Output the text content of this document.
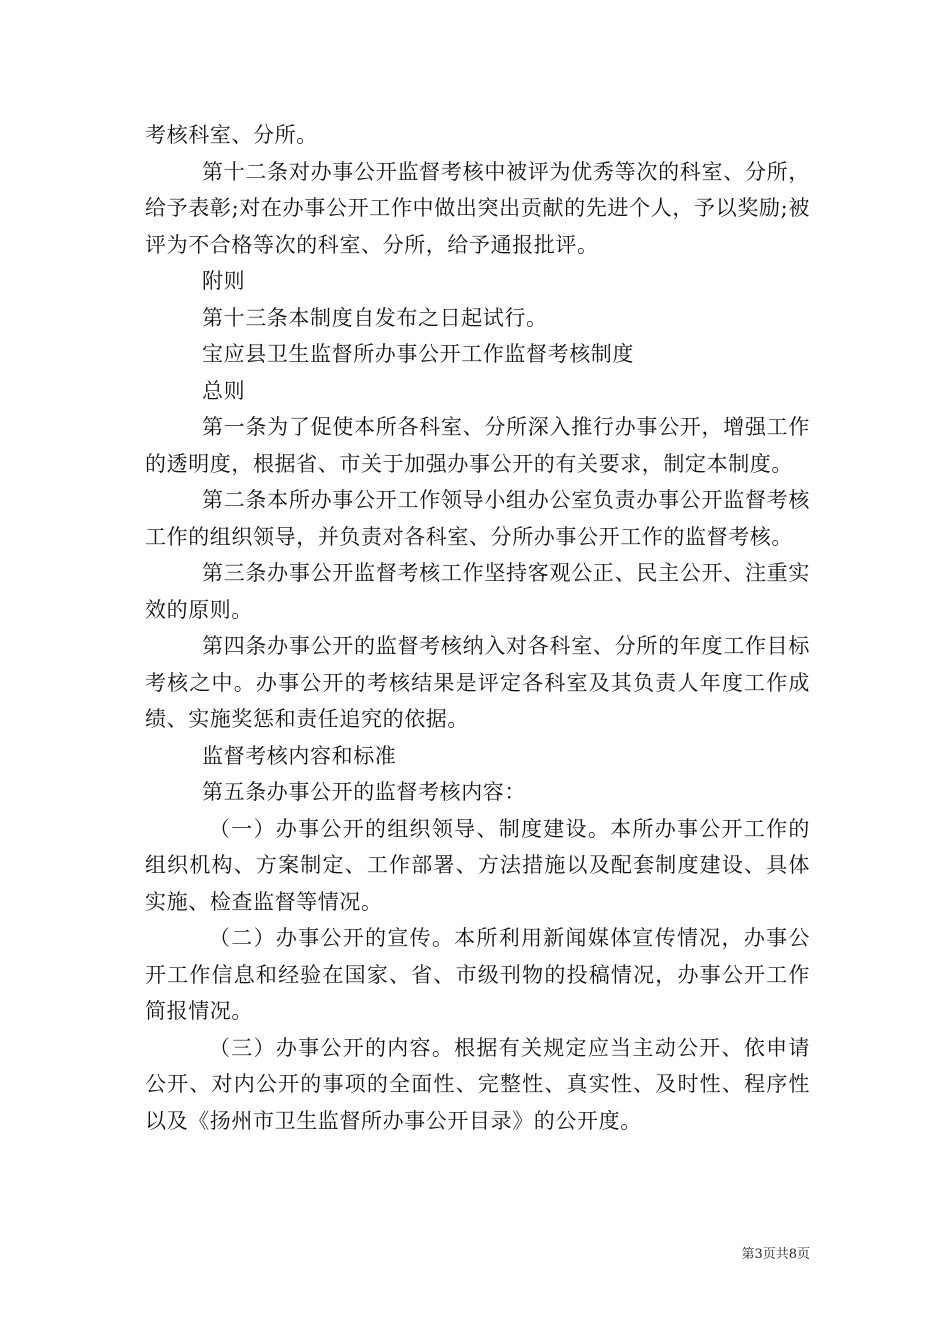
考核科室、分所。

第十二条对办事公开监督考核中被评为优秀等次的科室、分所，给予表彰;对在办事公开工作中做出突出贡献的先进个人，予以奖励;被评为不合格等次的科室、分所，给予通报批评。

附则

第十三条本制度自发布之日起试行。

宝应县卫生监督所办事公开工作监督考核制度

总则

第一条为了促使本所各科室、分所深入推行办事公开，增强工作的透明度，根据省、市关于加强办事公开的有关要求，制定本制度。

第二条本所办事公开工作领导小组办公室负责办事公开监督考核工作的组织领导，并负责对各科室、分所办事公开工作的监督考核。

第三条办事公开监督考核工作坚持客观公正、民主公开、注重实效的原则。

第四条办事公开的监督考核纳入对各科室、分所的年度工作目标考核之中。办事公开的考核结果是评定各科室及其负责人年度工作成绩、实施奖惩和责任追究的依据。

监督考核内容和标准

第五条办事公开的监督考核内容：

（一）办事公开的组织领导、制度建设。本所办事公开工作的组织机构、方案制定、工作部署、方法措施以及配套制度建设、具体实施、检查监督等情况。

（二）办事公开的宣传。本所利用新闻媒体宣传情况，办事公开工作信息和经验在国家、省、市级刊物的投稿情况，办事公开工作简报情况。

（三）办事公开的内容。根据有关规定应当主动公开、依申请公开、对内公开的事项的全面性、完整性、真实性、及时性、程序性以及《扬州市卫生监督所办事公开目录》的公开度。

第3页共8页
